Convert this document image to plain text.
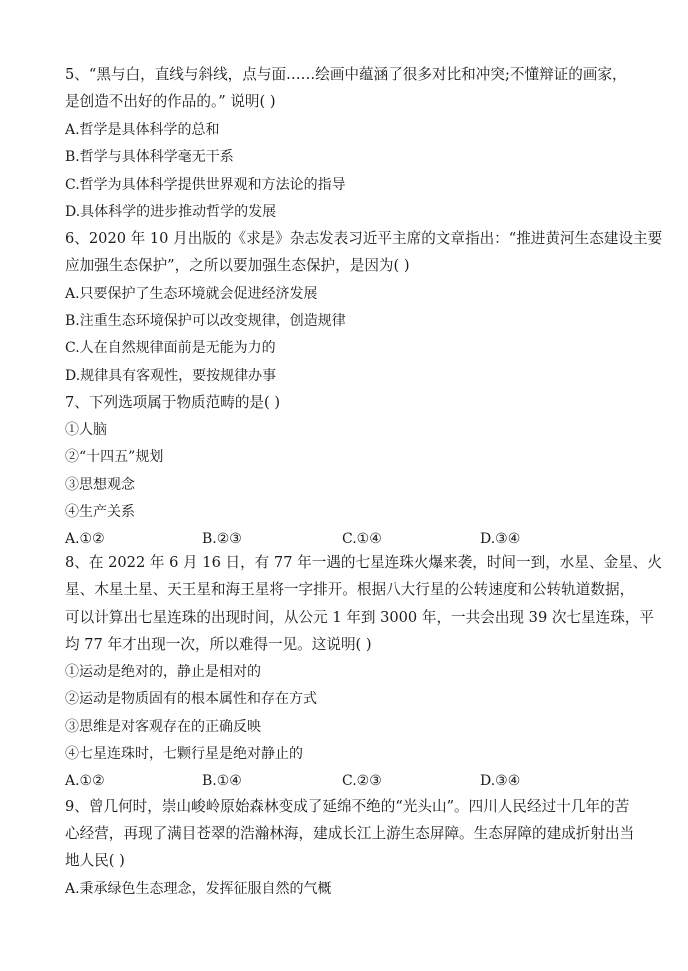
5、“黑与白，直线与斜线，点与面……绘画中蕴涵了很多对比和冲突;不懂辩证的画家，
是创造不出好的作品的。” 说明( )
A.哲学是具体科学的总和
B.哲学与具体科学毫无干系
C.哲学为具体科学提供世界观和方法论的指导
D.具体科学的进步推动哲学的发展
6、2020 年 10 月出版的《求是》杂志发表习近平主席的文章指出：“推进黄河生态建设主要
应加强生态保护”，之所以要加强生态保护，是因为( )
A.只要保护了生态环境就会促进经济发展
B.注重生态环境保护可以改变规律，创造规律
C.人在自然规律面前是无能为力的
D.规律具有客观性，要按规律办事
7、下列选项属于物质范畴的是( )
①人脑
②“十四五”规划
③思想观念
④生产关系
A.①②	B.②③	C.①④	D.③④
8、在 2022 年 6 月 16 日，有 77 年一遇的七星连珠火爆来袭，时间一到，水星、金星、火
星、木星土星、天王星和海王星将一字排开。根据八大行星的公转速度和公转轨道数据，
可以计算出七星连珠的出现时间，从公元 1 年到 3000 年，一共会出现 39 次七星连珠，平
均 77 年才出现一次，所以难得一见。这说明( )
①运动是绝对的，静止是相对的
②运动是物质固有的根本属性和存在方式
③思维是对客观存在的正确反映
④七星连珠时，七颗行星是绝对静止的
A.①②	B.①④	C.②③	D.③④
9、曾几何时，崇山峻岭原始森林变成了延绵不绝的“光头山”。四川人民经过十几年的苦
心经营，再现了满目苍翠的浩瀚林海，建成长江上游生态屏障。生态屏障的建成折射出当
地人民( )
A.秉承绿色生态理念，发挥征服自然的气概
